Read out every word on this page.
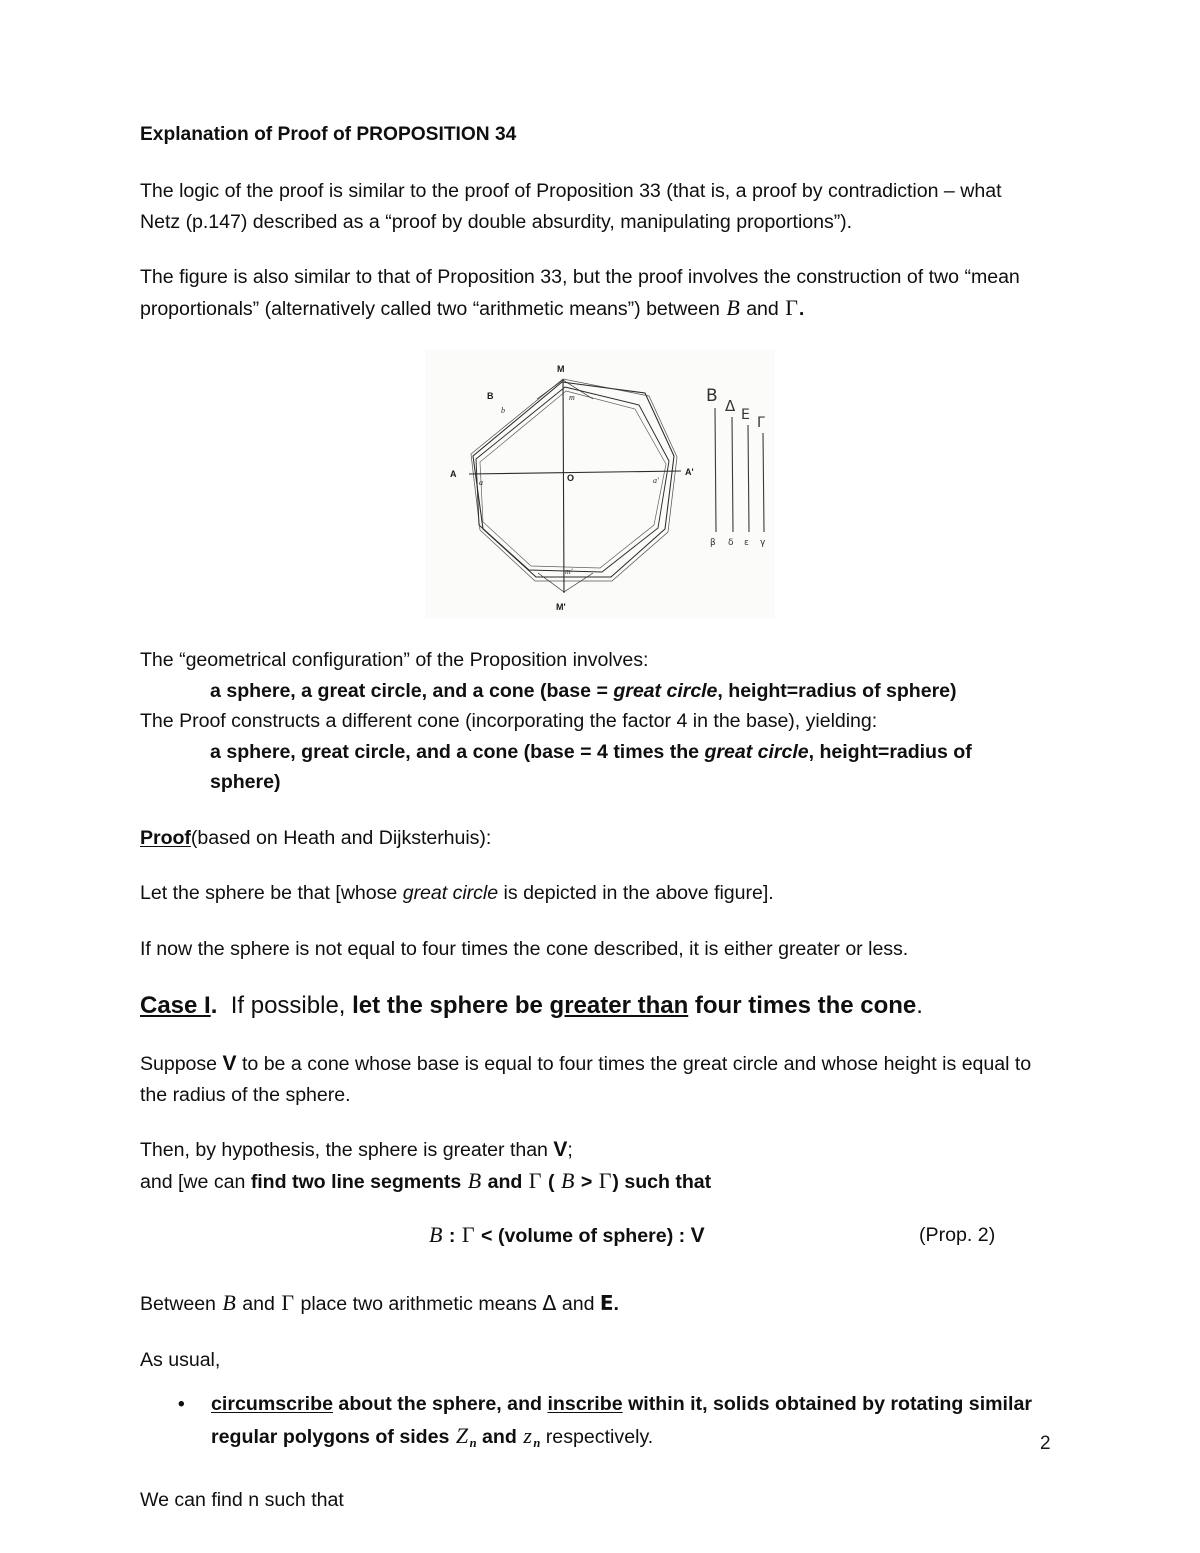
Explanation of Proof of PROPOSITION 34

The logic of the proof is similar to the proof of Proposition 33 (that is, a proof by contradiction – what Netz (p.147) described as a “proof by double absurdity, manipulating proportions”).

The figure is also similar to that of Proposition 33, but the proof involves the construction of two “mean proportionals” (alternatively called two “arithmetic means”) between B and Γ.

M
M'
A	A'
B	m
m'
a	a'
b
O
Β Δ Ε Γ
β δ ε γ

The “geometrical configuration” of the Proposition involves:

a sphere, a great circle, and a cone (base = great circle, height=radius of sphere)

The Proof constructs a different cone (incorporating the factor 4 in the base), yielding:

a sphere, great circle, and a cone (base = 4 times the great circle, height=radius of sphere)

Proof(based on Heath and Dijksterhuis):

Let the sphere be that [whose great circle is depicted in the above figure].

If now the sphere is not equal to four times the cone described, it is either greater or less.

Case I. If possible, let the sphere be greater than four times the cone.

Suppose V to be a cone whose base is equal to four times the great circle and whose height is equal to the radius of the sphere.

Then, by hypothesis, the sphere is greater than V;

and [we can find two line segments B and Γ ( B > Γ) such that

B : Γ < (volume of sphere) : V	(Prop. 2)

Between B and Γ place two arithmetic means Δ and Ε.

As usual,

• circumscribe about the sphere, and inscribe within it, solids obtained by rotating similar regular polygons of sides Z $_n$ and z $_n$ respectively.

We can find n such that

2
